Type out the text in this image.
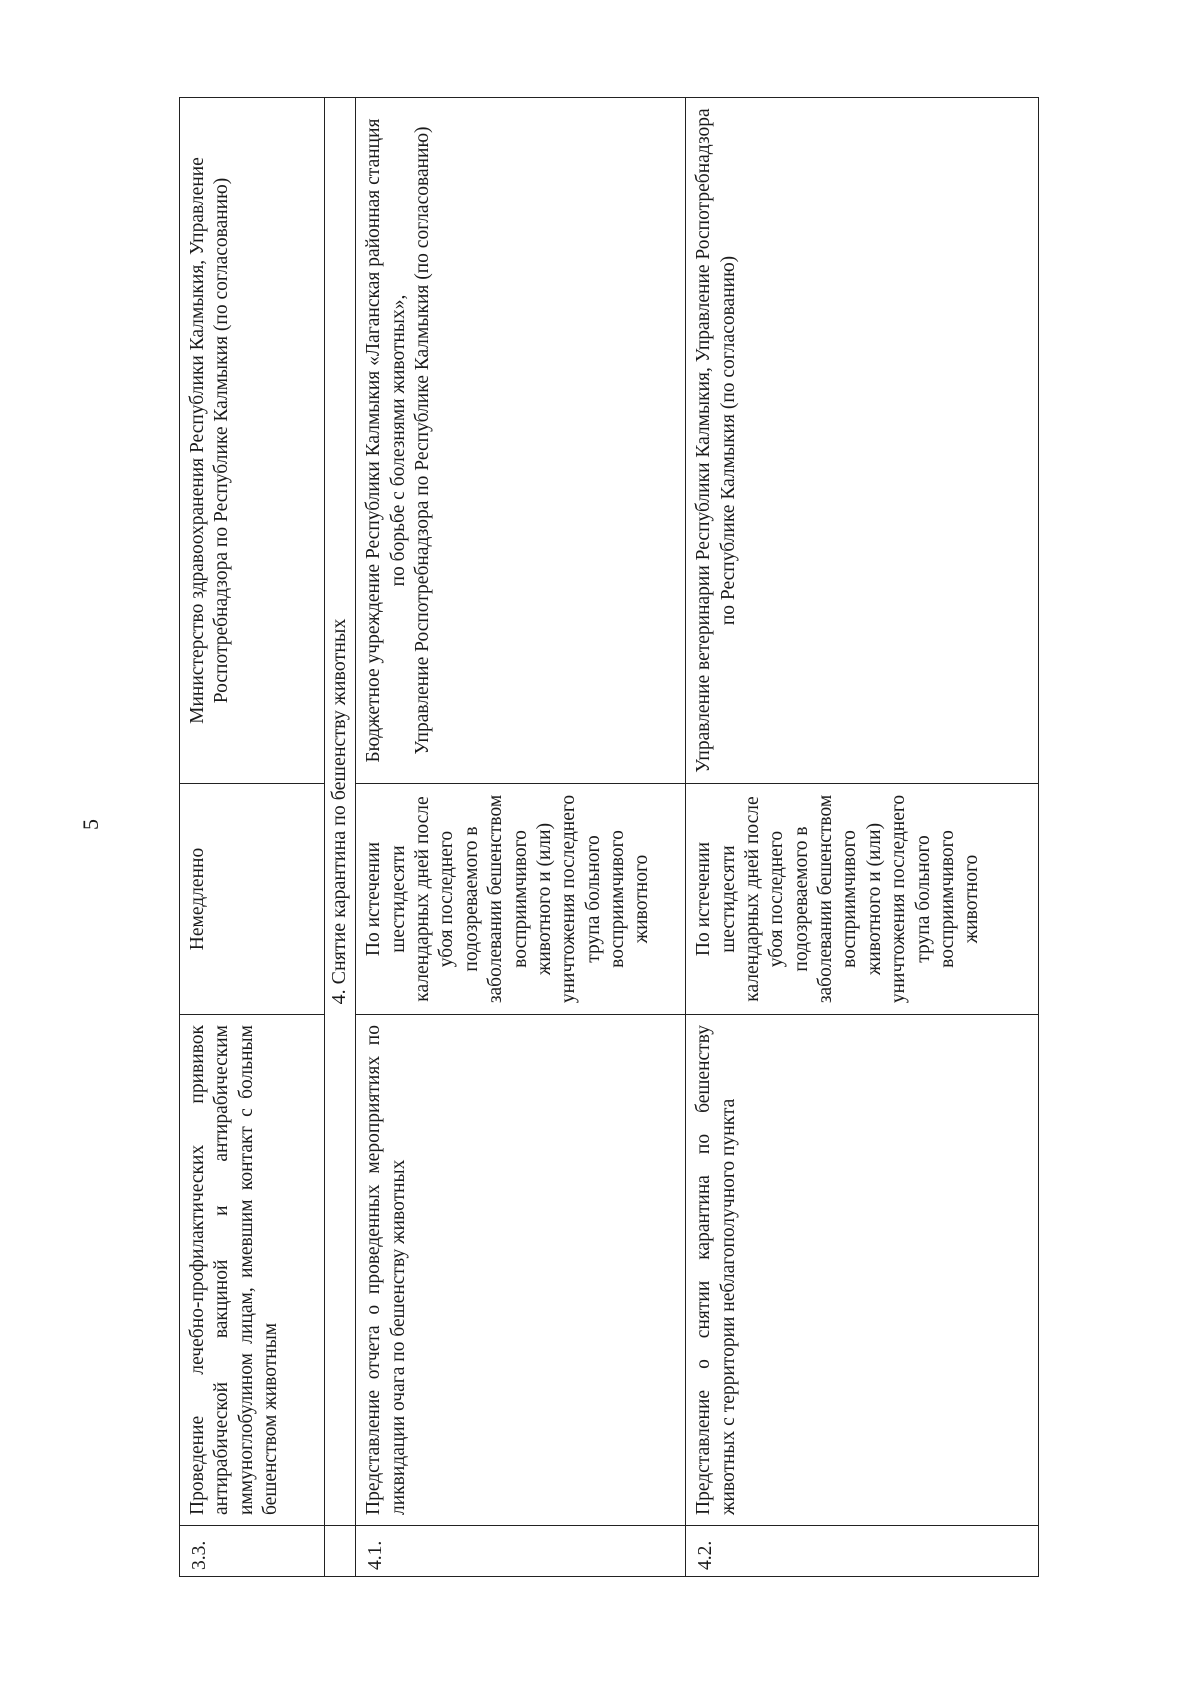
5
3.3.	Проведение лечебно-профилактических прививок антирабической вакциной и антирабическим иммуноглобулином лицам, имевшим контакт с больным бешенством животным	Немедленно	Министерство здравоохранения Республики Калмыкия, Управление Роспотребнадзора по Республике Калмыкия (по согласованию)
	4. Снятие карантина по бешенству животных		
4.1.	Представление отчета о проведенных мероприятиях по ликвидации очага по бешенству животных	По истечении шестидесяти календарных дней после убоя последнего подозреваемого в заболевании бешенством восприимчивого животного и (или) уничтожения последнего трупа больного восприимчивого животного	Бюджетное учреждение Республики Калмыкия «Лаганская районная станция по борьбе с болезнями животных», Управление Роспотребнадзора по Республике Калмыкия (по согласованию)

4.2.	Представление о снятии карантина по бешенству животных с территории неблагополучного пункта	По истечении шестидесяти календарных дней после убоя последнего подозреваемого в заболевании бешенством восприимчивого животного и (или) уничтожения последнего трупа больного восприимчивого животного	Управление ветеринарии Республики Калмыкия, Управление Роспотребнадзора по Республике Калмыкия (по согласованию)
